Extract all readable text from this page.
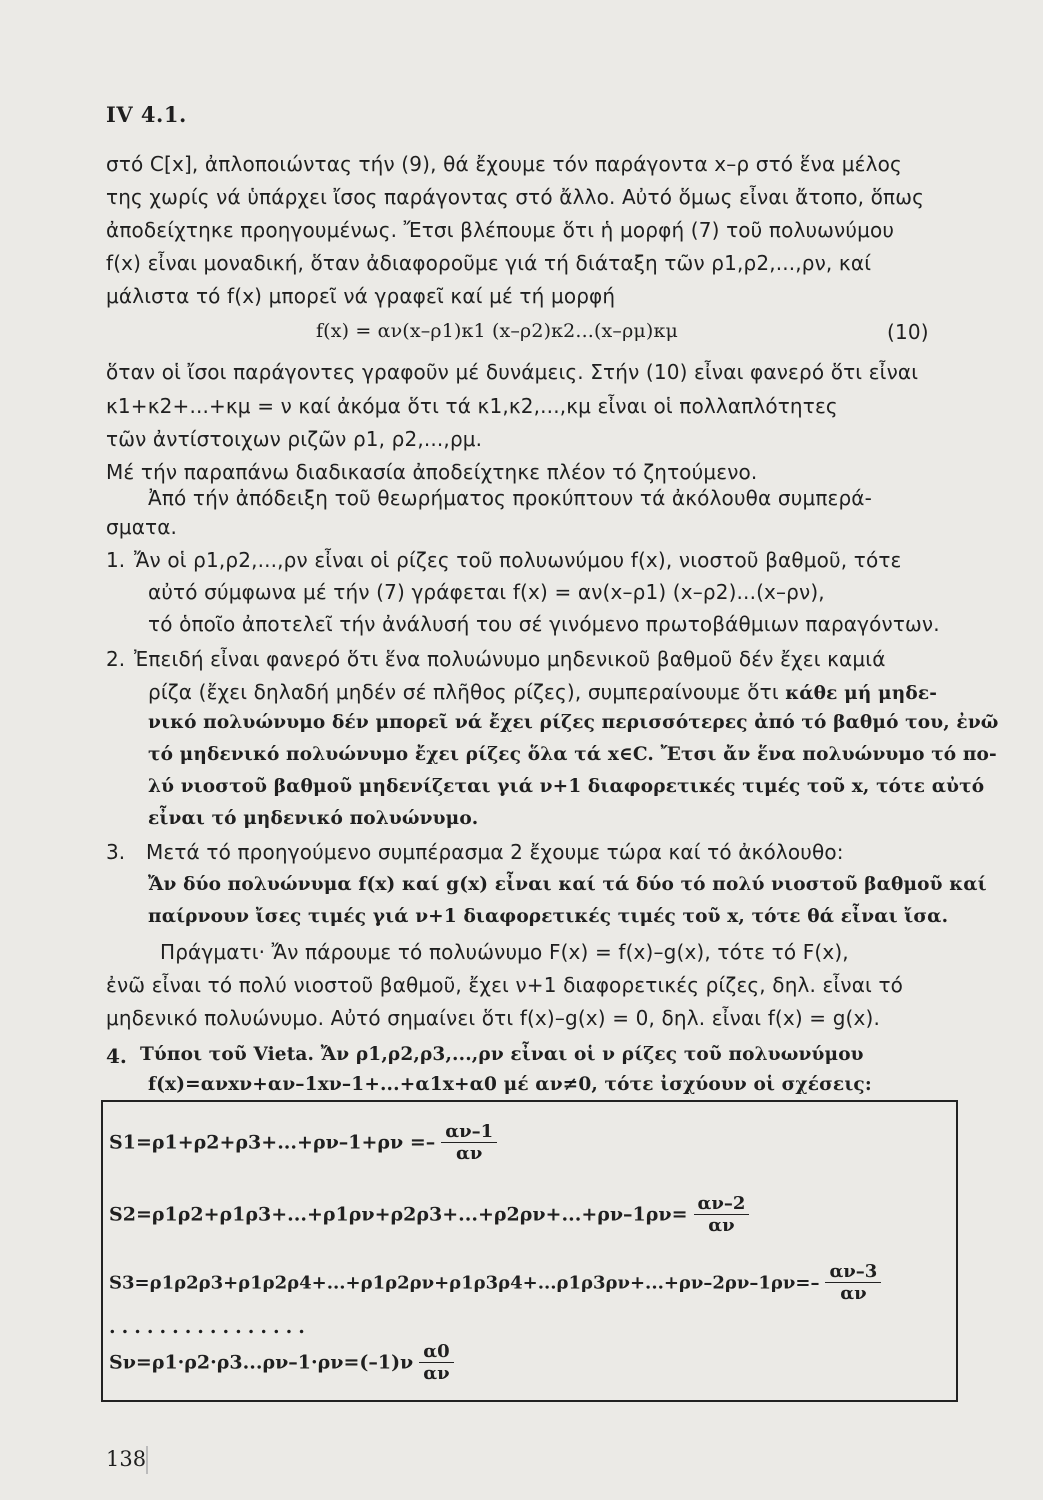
IV 4.1.
στό C[x], ἀπλοποιώντας τήν (9), θά ἔχουμε τόν παράγοντα x–ρ στό ἕνα μέλος
της χωρίς νά ὑπάρχει ἴσος παράγοντας στό ἄλλο. Αὐτό ὅμως εἶναι ἄτοπο, ὅπως
ἀποδείχτηκε προηγουμένως. Ἔτσι βλέπουμε ὅτι ἡ μορφή (7) τοῦ πολυωνύμου
f(x) εἶναι μοναδική, ὅταν ἀδιαφοροῦμε γιά τή διάταξη τῶν ρ1,ρ2,...,ρν, καί
μάλιστα τό f(x) μπορεῖ νά γραφεῖ καί μέ τή μορφή
f(x) = αν(x–ρ1)κ1 (x–ρ2)κ2...(x–ρμ)κμ	(10)
ὅταν οἱ ἴσοι παράγοντες γραφοῦν μέ δυνάμεις. Στήν (10) εἶναι φανερό ὅτι εἶναι
κ1+κ2+...+κμ = ν καί ἀκόμα ὅτι τά κ1,κ2,...,κμ εἶναι οἱ πολλαπλότητες
τῶν ἀντίστοιχων ριζῶν ρ1, ρ2,...,ρμ.
Μέ τήν παραπάνω διαδικασία ἀποδείχτηκε πλέον τό ζητούμενο.
Ἀπό τήν ἀπόδειξη τοῦ θεωρήματος προκύπτουν τά ἀκόλουθα συμπερά-
σματα.
1. Ἄν οἱ ρ1,ρ2,...,ρν εἶναι οἱ ρίζες τοῦ πολυωνύμου f(x), νιοστοῦ βαθμοῦ, τότε
αὐτό σύμφωνα μέ τήν (7) γράφεται f(x) = αν(x–ρ1) (x–ρ2)...(x–ρν),
τό ὁποῖο ἀποτελεῖ τήν ἀνάλυσή του σέ γινόμενο πρωτοβάθμιων παραγόντων.
2. Ἐπειδή εἶναι φανερό ὅτι ἕνα πολυώνυμο μηδενικοῦ βαθμοῦ δέν ἔχει καμιά
ρίζα (ἔχει δηλαδή μηδέν σέ πλῆθος ρίζες), συμπεραίνουμε ὅτι κάθε μή μηδε-
νικό πολυώνυμο δέν μπορεῖ νά ἔχει ρίζες περισσότερες ἀπό τό βαθμό του, ἐνῶ
τό μηδενικό πολυώνυμο ἔχει ρίζες ὅλα τά x∈C. Ἔτσι ἄν ἕνα πολυώνυμο τό πο-
λύ νιοστοῦ βαθμοῦ μηδενίζεται γιά ν+1 διαφορετικές τιμές τοῦ x, τότε αὐτό
εἶναι τό μηδενικό πολυώνυμο.
3. Μετά τό προηγούμενο συμπέρασμα 2 ἔχουμε τώρα καί τό ἀκόλουθο:
Ἄν δύο πολυώνυμα f(x) καί g(x) εἶναι καί τά δύο τό πολύ νιοστοῦ βαθμοῦ καί
παίρνουν ἴσες τιμές γιά ν+1 διαφορετικές τιμές τοῦ x, τότε θά εἶναι ἴσα.
Πράγματι· Ἄν πάρουμε τό πολυώνυμο F(x) = f(x)–g(x), τότε τό F(x),
ἐνῶ εἶναι τό πολύ νιοστοῦ βαθμοῦ, ἔχει ν+1 διαφορετικές ρίζες, δηλ. εἶναι τό
μηδενικό πολυώνυμο. Αὐτό σημαίνει ὅτι f(x)–g(x) = 0, δηλ. εἶναι f(x) = g(x).
4. Τύποι τοῦ Vieta. Ἄν ρ1,ρ2,ρ3,...,ρν εἶναι οἱ ν ρίζες τοῦ πολυωνύμου
f(x)=ανxν+αν–1xν–1+...+α1x+α0 μέ αν≠0, τότε ἰσχύουν οἱ σχέσεις:
$S1=\rho 1+\rho 2+\rho 3+...+\rho\nu-1+\rho\nu =- \frac{\alpha\nu-1}{\alpha\nu}$
$S2=\rho 1\rho 2+\rho 1\rho 3+...+\rho 1\rho\nu+\rho 2\rho 3+...+\rho 2\rho\nu+...+\rho\nu-1\rho\nu= \frac{\alpha\nu-2}{\alpha\nu}$
$S3=\rho 1\rho 2\rho 3+\rho 1\rho 2\rho 4+...+\rho 1\rho 2\rho\nu+\rho 1\rho 3\rho 4+...\rho 1\rho 3\rho\nu+...+\rho\nu-2\rho\nu-1\rho\nu=- \frac{\alpha\nu-3}{\alpha\nu}$
................
$S\nu=\rho 1\cdot\rho 2\cdot\rho 3...\rho\nu-1\cdot\rho\nu=(-1)\nu \frac{\alpha 0}{\alpha\nu}$
138
